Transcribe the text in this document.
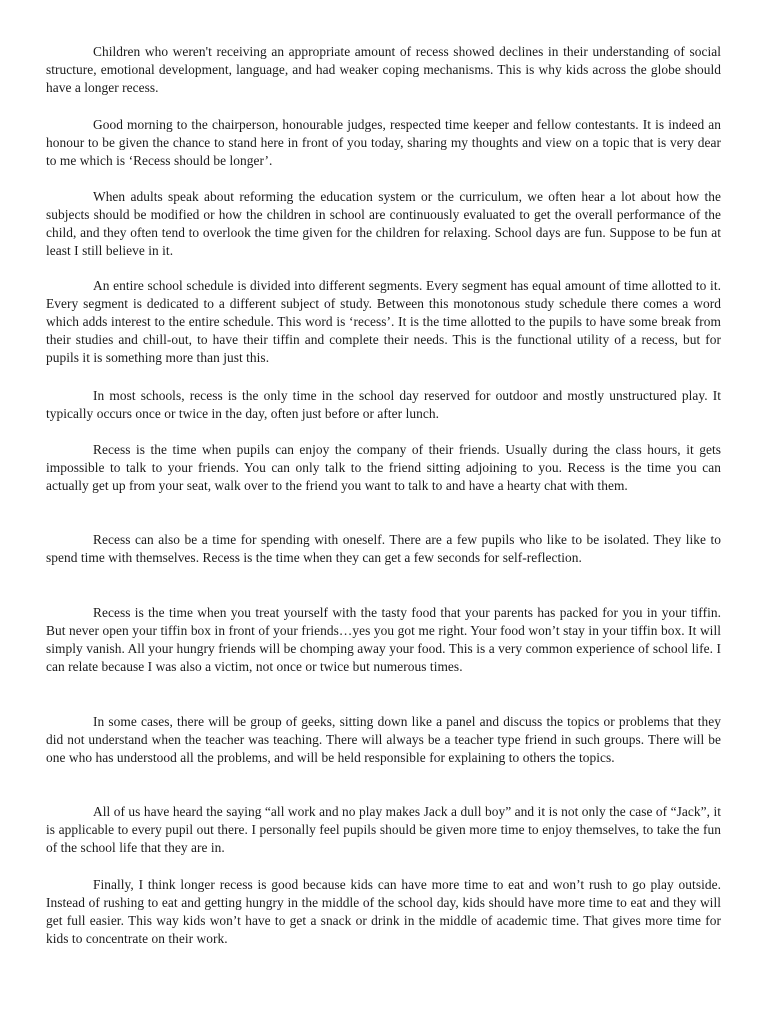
Children who weren't receiving an appropriate amount of recess showed declines in their understanding of social structure, emotional development, language, and had weaker coping mechanisms. This is why kids across the globe should have a longer recess.

Good morning to the chairperson, honourable judges, respected time keeper and fellow contestants. It is indeed an honour to be given the chance to stand here in front of you today, sharing my thoughts and view on a topic that is very dear to me which is ‘Recess should be longer’.

When adults speak about reforming the education system or the curriculum, we often hear a lot about how the subjects should be modified or how the children in school are continuously evaluated to get the overall performance of the child, and they often tend to overlook the time given for the children for relaxing. School days are fun. Suppose to be fun at least I still believe in it.

An entire school schedule is divided into different segments. Every segment has equal amount of time allotted to it. Every segment is dedicated to a different subject of study. Between this monotonous study schedule there comes a word which adds interest to the entire schedule. This word is ‘recess’. It is the time allotted to the pupils to have some break from their studies and chill-out, to have their tiffin and complete their needs. This is the functional utility of a recess, but for pupils it is something more than just this.

In most schools, recess is the only time in the school day reserved for outdoor and mostly unstructured play. It typically occurs once or twice in the day, often just before or after lunch.

Recess is the time when pupils can enjoy the company of their friends. Usually during the class hours, it gets impossible to talk to your friends. You can only talk to the friend sitting adjoining to you. Recess is the time you can actually get up from your seat, walk over to the friend you want to talk to and have a hearty chat with them.

Recess can also be a time for spending with oneself. There are a few pupils who like to be isolated. They like to spend time with themselves. Recess is the time when they can get a few seconds for self-reflection.

Recess is the time when you treat yourself with the tasty food that your parents has packed for you in your tiffin. But never open your tiffin box in front of your friends…yes you got me right. Your food won’t stay in your tiffin box. It will simply vanish. All your hungry friends will be chomping away your food. This is a very common experience of school life. I can relate because I was also a victim, not once or twice but numerous times.

In some cases, there will be group of geeks, sitting down like a panel and discuss the topics or problems that they did not understand when the teacher was teaching. There will always be a teacher type friend in such groups. There will be one who has understood all the problems, and will be held responsible for explaining to others the topics.

All of us have heard the saying “all work and no play makes Jack a dull boy” and it is not only the case of “Jack”, it is applicable to every pupil out there. I personally feel pupils should be given more time to enjoy themselves, to take the fun of the school life that they are in.

Finally, I think longer recess is good because kids can have more time to eat and won’t rush to go play outside. Instead of rushing to eat and getting hungry in the middle of the school day, kids should have more time to eat and they will get full easier. This way kids won’t have to get a snack or drink in the middle of academic time. That gives more time for kids to concentrate on their work.
